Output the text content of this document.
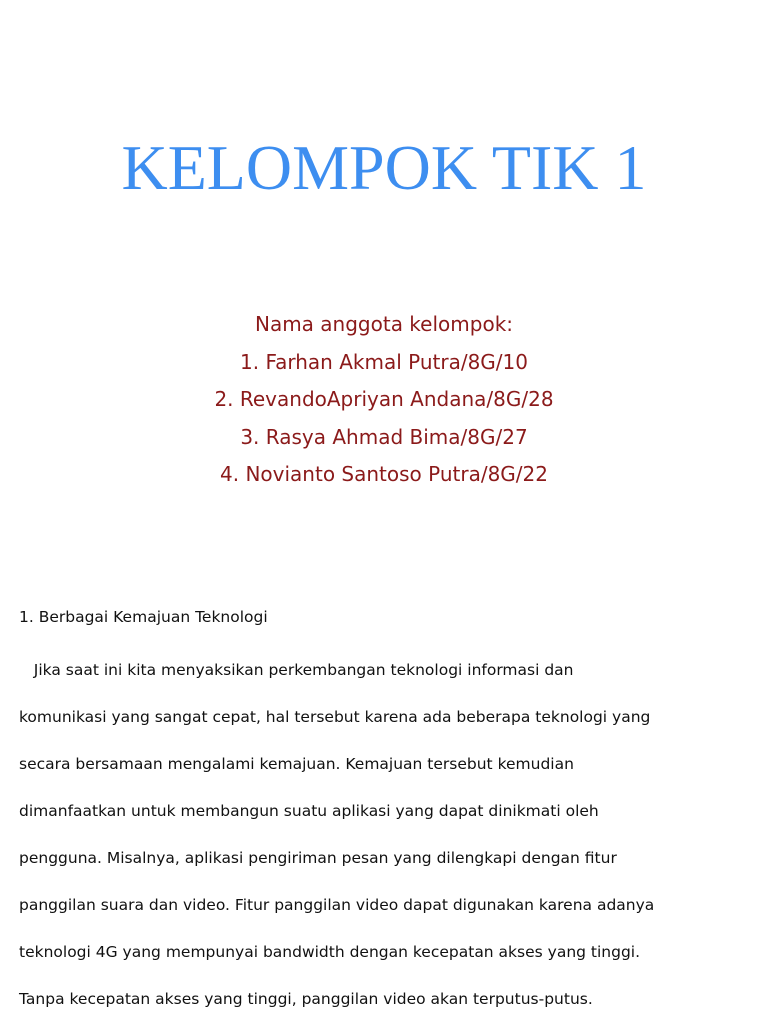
KELOMPOK TIK 1
Nama anggota kelompok:
1. Farhan Akmal Putra/8G/10
2. RevandoApriyan Andana/8G/28
3. Rasya Ahmad Bima/8G/27
4. Novianto Santoso Putra/8G/22

1. Berbagai Kemajuan Teknologi

Jika saat ini kita menyaksikan perkembangan teknologi informasi dan

komunikasi yang sangat cepat, hal tersebut karena ada beberapa teknologi yang

secara bersamaan mengalami kemajuan. Kemajuan tersebut kemudian

dimanfaatkan untuk membangun suatu aplikasi yang dapat dinikmati oleh

pengguna. Misalnya, aplikasi pengiriman pesan yang dilengkapi dengan fitur

panggilan suara dan video. Fitur panggilan video dapat digunakan karena adanya

teknologi 4G yang mempunyai bandwidth dengan kecepatan akses yang tinggi.

Tanpa kecepatan akses yang tinggi, panggilan video akan terputus-putus.
